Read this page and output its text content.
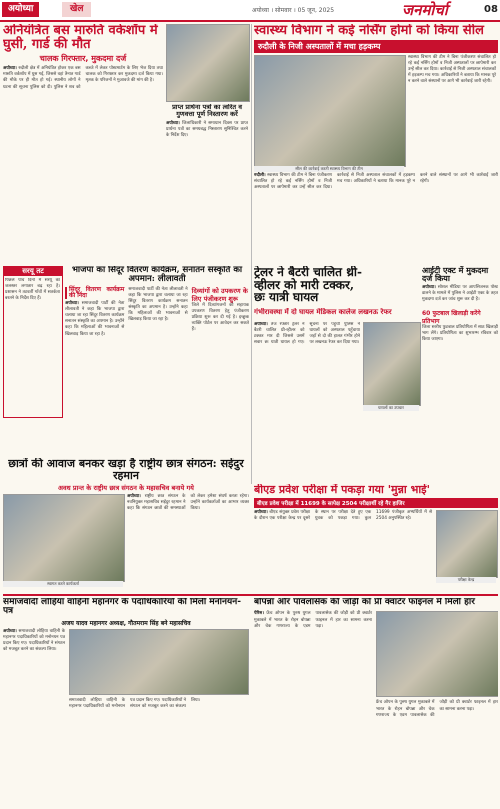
अयोध्या	खेल	अयोध्या । सोमवार । 05 जून, 2025	जनमोर्चा	08
अनियंत्रित बस मारुति वर्कशॉप में घुसी, गार्ड की मौत
चालक गिरफ्तार, मुकदमा दर्ज

अयोध्या। रुदौली क्षेत्र में अनियंत्रित होकर एक बस मारुति वर्कशॉप में घुस गई, जिससे वहां तैनात गार्ड की मौके पर ही मौत हो गई। स्थानीय लोगों ने घटना की सूचना पुलिस को दी। पुलिस ने शव को कब्जे में लेकर पोस्टमार्टम के लिए भेज दिया तथा चालक को गिरफ्तार कर मुकदमा दर्ज किया गया। मृतक के परिजनों ने मुआवजे की मांग की है।

प्राप्त प्रार्थना पत्रों का त्वरित व गुणवत्ता पूर्ण निस्तारण करें

अयोध्या। जिलाधिकारी ने समाधान दिवस पर प्राप्त प्रार्थना पत्रों का समयबद्ध निस्तारण सुनिश्चित करने के निर्देश दिए।

स्वास्थ्य विभाग ने कई नर्सिंग होमों को किया सील
रुदौली के निजी अस्पतालों में मचा हड़कम्प
सील की कार्रवाई करती स्वास्थ्य विभाग की टीम

स्वास्थ्य विभाग की टीम ने बिना पंजीकरण संचालित हो रहे कई नर्सिंग होमों व निजी अस्पतालों पर छापेमारी कर उन्हें सील कर दिया। कार्रवाई से निजी अस्पताल संचालकों में हड़कम्प मच गया। अधिकारियों ने बताया कि मानक पूरे न करने वाले संस्थानों पर आगे भी कार्रवाई जारी रहेगी।

रुदौली। स्वास्थ्य विभाग की टीम ने बिना पंजीकरण संचालित हो रहे कई नर्सिंग होमों व निजी अस्पतालों पर छापेमारी कर उन्हें सील कर दिया। कार्रवाई से निजी अस्पताल संचालकों में हड़कम्प मच गया। अधिकारियों ने बताया कि मानक पूरे न करने वाले संस्थानों पर आगे भी कार्रवाई जारी रहेगी।

सरयू तट
पिछले पाँच दिनों में सरयू का जलस्तर लगातार बढ़ रहा है। प्रशासन ने तटवर्ती गाँवों में सतर्कता बरतने के निर्देश दिए हैं।
भाजपा का सिंदूर वितरण कार्यक्रम, सनातन संस्कृति का अपमान: लीलावती

सिंदूर वितरण कार्यक्रम की निंदा

अयोध्या। समाजवादी पार्टी की नेता लीलावती ने कहा कि भाजपा द्वारा चलाया जा रहा सिंदूर वितरण कार्यक्रम सनातन संस्कृति का अपमान है। उन्होंने कहा कि महिलाओं की भावनाओं से खिलवाड़ किया जा रहा है।

समाजवादी पार्टी की नेता लीलावती ने कहा कि भाजपा द्वारा चलाया जा रहा सिंदूर वितरण कार्यक्रम सनातन संस्कृति का अपमान है। उन्होंने कहा कि महिलाओं की भावनाओं से खिलवाड़ किया जा रहा है।
दिव्यांगों को उपकरण के लिए पंजीकरण शुरू
जिले में दिव्यांगजनों को सहायक उपकरण वितरण हेतु पंजीकरण प्रक्रिया शुरू कर दी गई है। इच्छुक व्यक्ति पोर्टल पर आवेदन कर सकते हैं।
ट्रेलर ने बैटरी चालित थ्री-व्हीलर को मारी टक्कर, छः यात्री घायल
गंभीरावस्था में दो घायल मेडिकल कालेज लखनऊ रेफर

अयोध्या। तेज रफ्तार ट्रेलर ने बैटरी चालित थ्री-व्हीलर को टक्कर मार दी जिससे उसमें सवार छः यात्री घायल हो गए। सूचना पर पहुँची पुलिस ने घायलों को अस्पताल पहुँचाया जहाँ से दो की हालत गंभीर होने पर लखनऊ रेफर कर दिया गया।

घायलों का उपचार
आईटी एक्ट में मुकदमा दर्ज किया

अयोध्या। सोशल मीडिया पर आपत्तिजनक पोस्ट डालने के मामले में पुलिस ने आईटी एक्ट के तहत मुकदमा दर्ज कर जांच शुरू कर दी है।

60 फुटबाल खिलाड़ी करेंगे प्रतिभाग
जिला स्तरीय फुटबाल प्रतियोगिता में साठ खिलाड़ी भाग लेंगे। प्रतियोगिता का शुभारम्भ रविवार को किया जाएगा।
छात्रों की आवाज बनकर खड़ा है राष्ट्रीय छात्र संगठन: सईदुर रहमान
अवध प्रान्त के राष्ट्रीय छात्र संगठन के महासचिव बनाये गये
स्वागत करते कार्यकर्ता

अयोध्या। राष्ट्रीय छात्र संगठन के नवनियुक्त महासचिव सईदुर रहमान ने कहा कि संगठन छात्रों की समस्याओं को लेकर हमेशा संघर्ष करता रहेगा। उन्होंने कार्यकर्ताओं का आभार व्यक्त किया।

बीएड प्रवेश परीक्षा में पकड़ा गया 'मुन्ना भाई'
बीएड प्रवेश परीक्षा में 11699 के सापेक्ष 2504 परीक्षार्थी रहे गैर हाजिर

अयोध्या। बीएड संयुक्त प्रवेश परीक्षा के दौरान एक परीक्षा केन्द्र पर दूसरे के स्थान पर परीक्षा देते हुए एक युवक को पकड़ा गया। कुल 11699 पंजीकृत अभ्यर्थियों में से 2504 अनुपस्थित रहे।

परीक्षा केन्द्र
समाजवादी लोहिया वाहिनी महानगर के पदाधिकारियों की मिली मनोनयन-पत्र
अजय यादव महानगर अध्यक्ष, गौतमराम सिंह बने महासचिव

अयोध्या। समाजवादी लोहिया वाहिनी के महानगर पदाधिकारियों को मनोनयन पत्र प्रदान किए गए। पदाधिकारियों ने संगठन को मजबूत करने का संकल्प लिया।

समाजवादी लोहिया वाहिनी के महानगर पदाधिकारियों को मनोनयन पत्र प्रदान किए गए। पदाधिकारियों ने संगठन को मजबूत करने का संकल्प लिया।
बोपन्ना और पावलासेक की जोड़ी को प्री क्वार्टर फाइनल में मिली हार

पेरिस। फ्रेंच ओपन के पुरुष युगल मुकाबले में भारत के रोहन बोपन्ना और चेक गणराज्य के एडम पावलासेक की जोड़ी को प्री क्वार्टर फाइनल में हार का सामना करना पड़ा।

फ्रेंच ओपन के पुरुष युगल मुकाबले में भारत के रोहन बोपन्ना और चेक गणराज्य के एडम पावलासेक की जोड़ी को प्री क्वार्टर फाइनल में हार का सामना करना पड़ा।
